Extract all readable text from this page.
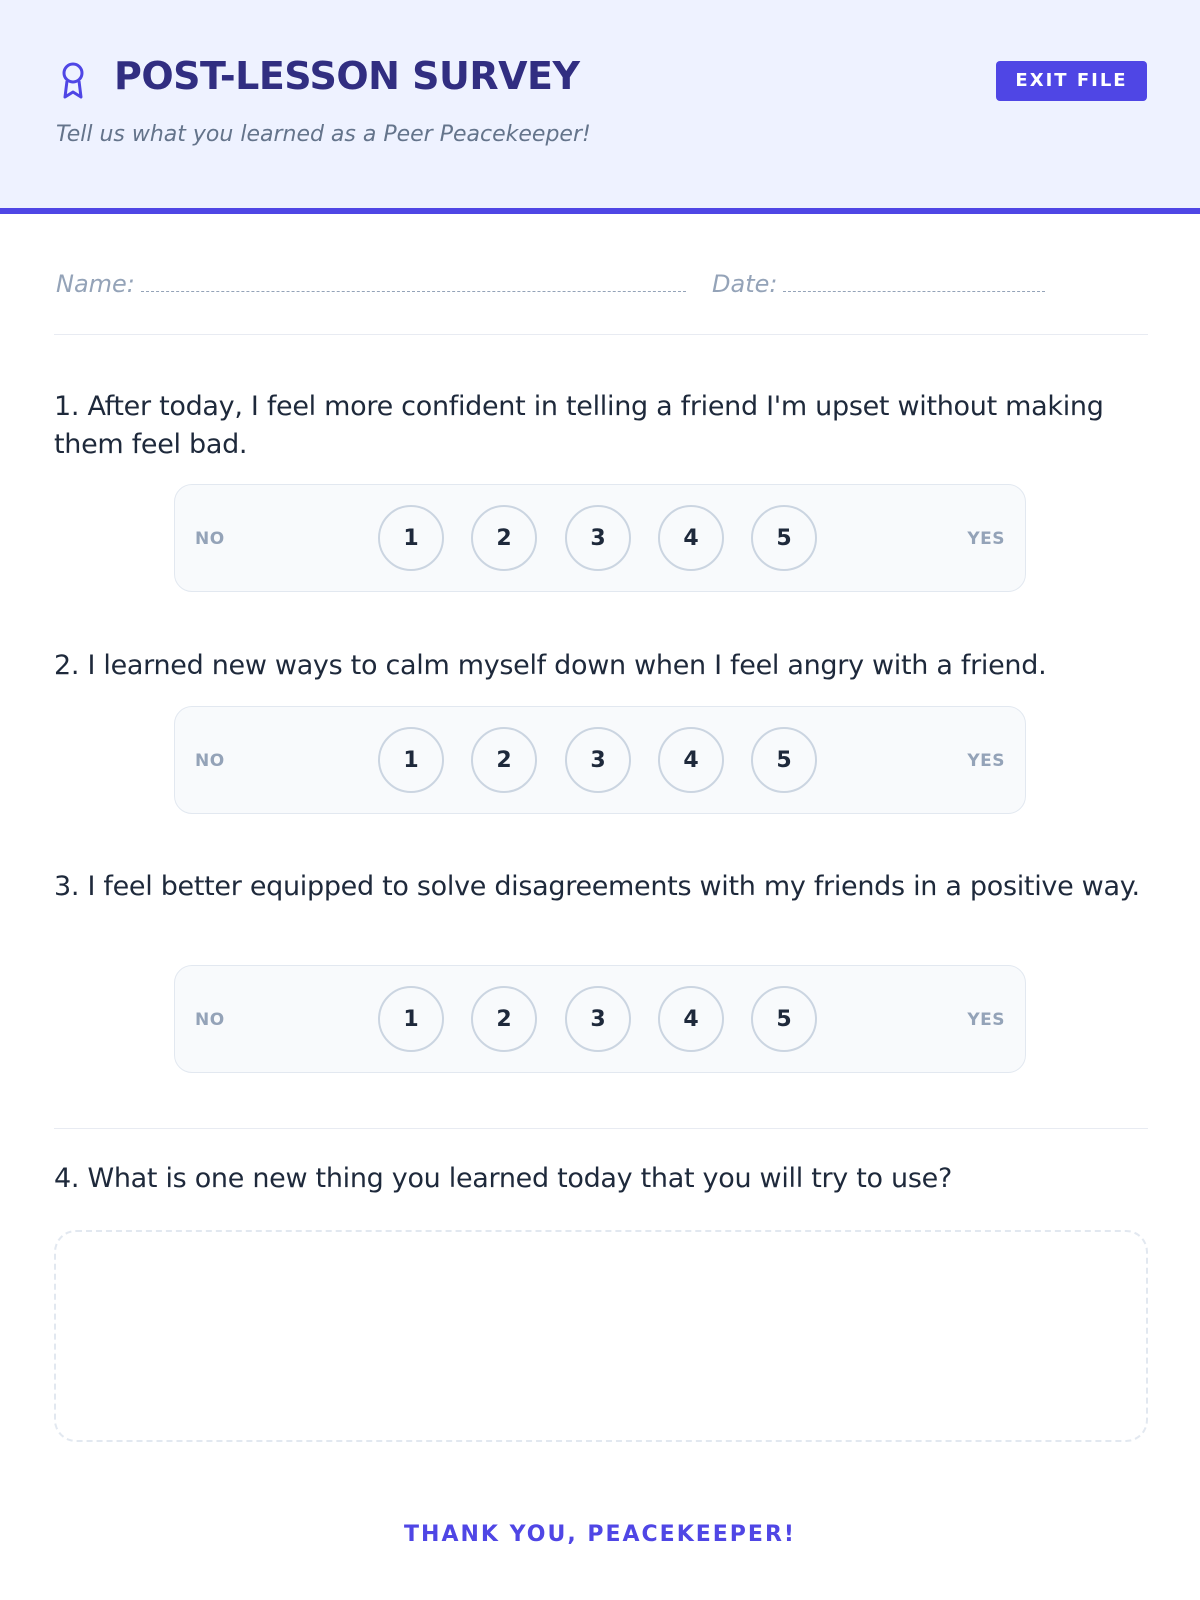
POST-LESSON SURVEY
Tell us what you learned as a Peer Peacekeeper!
EXIT FILE
Name:	Date:
1. After today, I feel more confident in telling a friend I'm upset without making them feel bad.
NO	1	2	3	4	5	YES
2. I learned new ways to calm myself down when I feel angry with a friend.
NO	1	2	3	4	5	YES
3. I feel better equipped to solve disagreements with my friends in a positive way.
NO	1	2	3	4	5	YES
4. What is one new thing you learned today that you will try to use?
THANK YOU, PEACEKEEPER!
